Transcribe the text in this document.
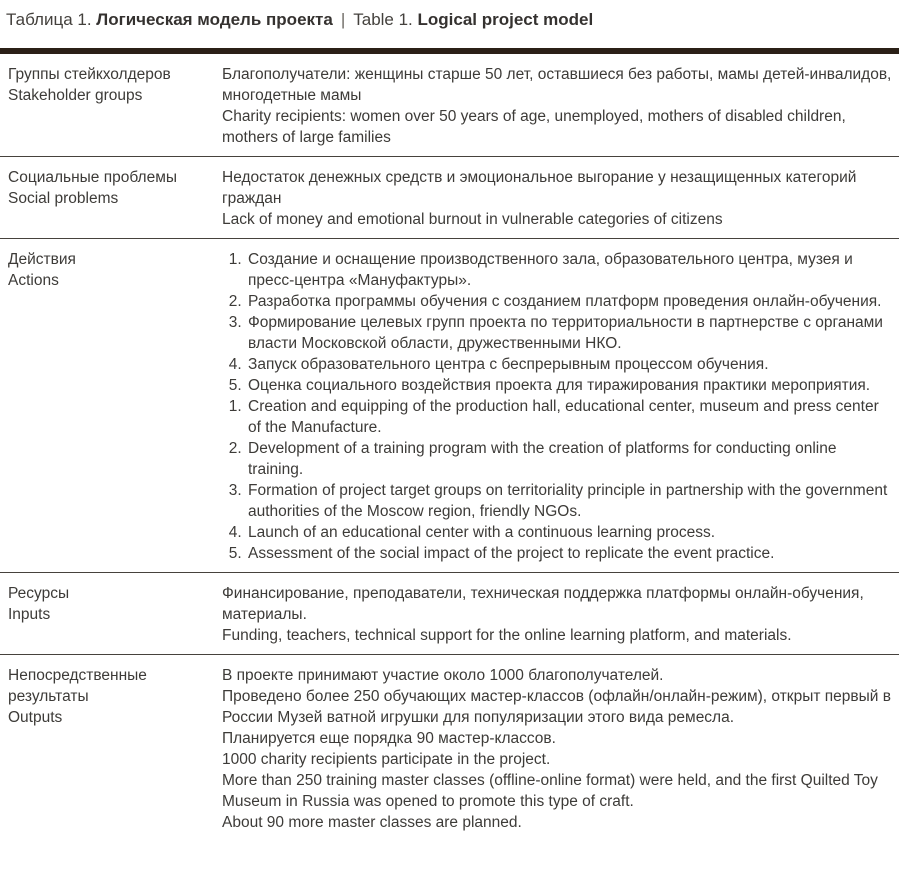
Таблица 1. Логическая модель проекта | Table 1. Logical project model
Группы стейкхолдеров
Stakeholder groups

Благополучатели: женщины старше 50 лет, оставшиеся без работы, мамы детей-инвалидов, многодетные мамы

Charity recipients: women over 50 years of age, unemployed, mothers of disabled children, mothers of large families

Социальные проблемы
Social problems

Недостаток денежных средств и эмоциональное выгорание у незащищенных категорий граждан

Lack of money and emotional burnout in vulnerable categories of citizens

Действия
Actions
1. Создание и оснащение производственного зала, образовательного центра, музея и пресс-центра «Мануфактуры».
2. Разработка программы обучения с созданием платформ проведения онлайн-обучения.
3. Формирование целевых групп проекта по территориальности в партнерстве с органами власти Московской области, дружественными НКО.
4. Запуск образовательного центра с беспрерывным процессом обучения.
5. Оценка социального воздействия проекта для тиражирования практики мероприятия.
1. Creation and equipping of the production hall, educational center, museum and press center of the Manufacture.
2. Development of a training program with the creation of platforms for conducting online training.
3. Formation of project target groups on territoriality principle in partnership with the government authorities of the Moscow region, friendly NGOs.
4. Launch of an educational center with a continuous learning process.
5. Assessment of the social impact of the project to replicate the event practice.
Ресурсы
Inputs

Финансирование, преподаватели, техническая поддержка платформы онлайн-обучения, материалы.

Funding, teachers, technical support for the online learning platform, and materials.

Непосредственные результаты
Outputs

В проекте принимают участие около 1000 благополучателей.

Проведено более 250 обучающих мастер-классов (офлайн/онлайн-режим), открыт первый в России Музей ватной игрушки для популяризации этого вида ремесла.

Планируется еще порядка 90 мастер-классов.

1000 charity recipients participate in the project.

More than 250 training master classes (offline-online format) were held, and the first Quilted Toy Museum in Russia was opened to promote this type of craft.

About 90 more master classes are planned.
